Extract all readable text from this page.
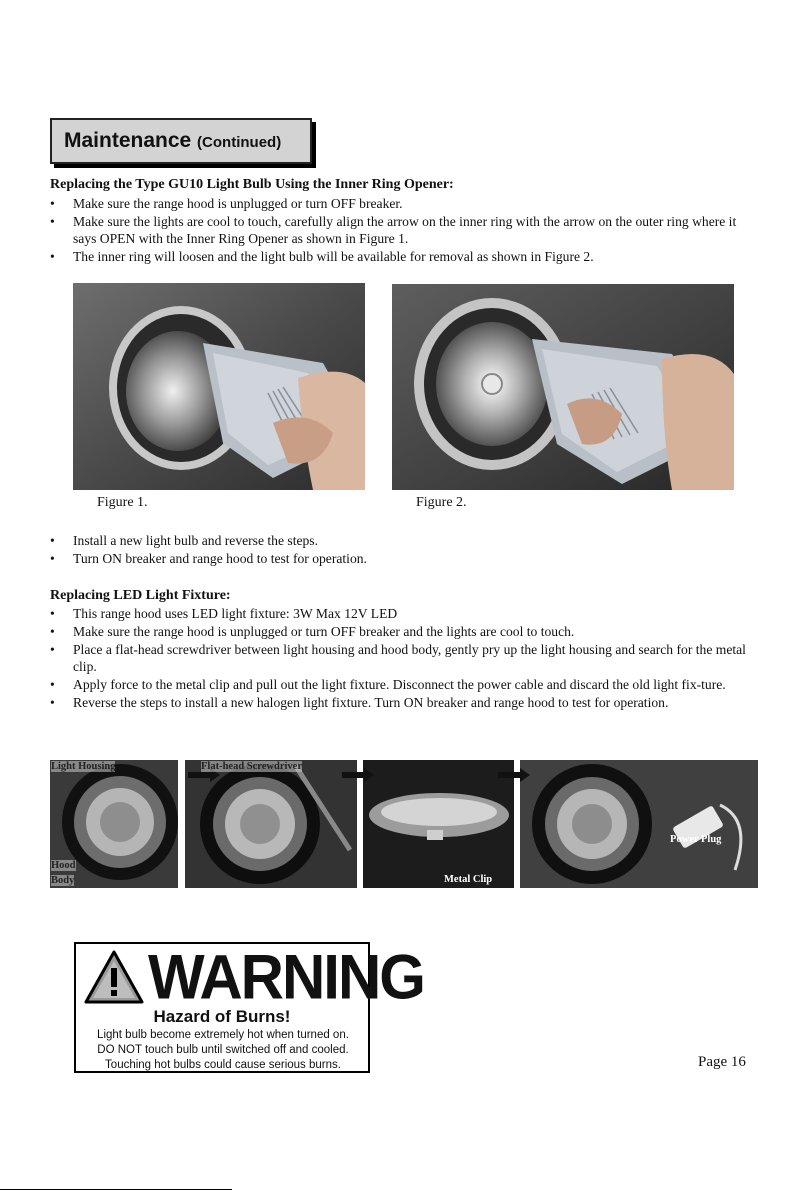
Maintenance (Continued)
Replacing the Type GU10 Light Bulb Using the Inner Ring Opener:
• Make sure the range hood is unplugged or turn OFF breaker.
• Make sure the lights are cool to touch, carefully align the arrow on the inner ring with the arrow on the outer ring where it says OPEN with the Inner Ring Opener as shown in Figure 1.
• The inner ring will loosen and the light bulb will be available for removal as shown in Figure 2.
Figure 1.	Figure 2.
• Install a new light bulb and reverse the steps.
• Turn ON breaker and range hood to test for operation.
Replacing LED Light Fixture:
• This range hood uses LED light fixture: 3W Max 12V LED
• Make sure the range hood is unplugged or turn OFF breaker and the lights are cool to touch.
• Place a flat-head screwdriver between light housing and hood body, gently pry up the light housing and search for the metal clip.
• Apply force to the metal clip and pull out the light fixture. Disconnect the power cable and discard the old light fix-ture.
• Reverse the steps to install a new halogen light fixture. Turn ON breaker and range hood to test for operation.
Light Housing	Flat-head Screwdriver
Hood
Body	Metal Clip
Power Plug
WARNING
Hazard of Burns!
Light bulb become extremely hot when turned on.
DO NOT touch bulb until switched off and cooled.
Touching hot bulbs could cause serious burns.	Page 16
